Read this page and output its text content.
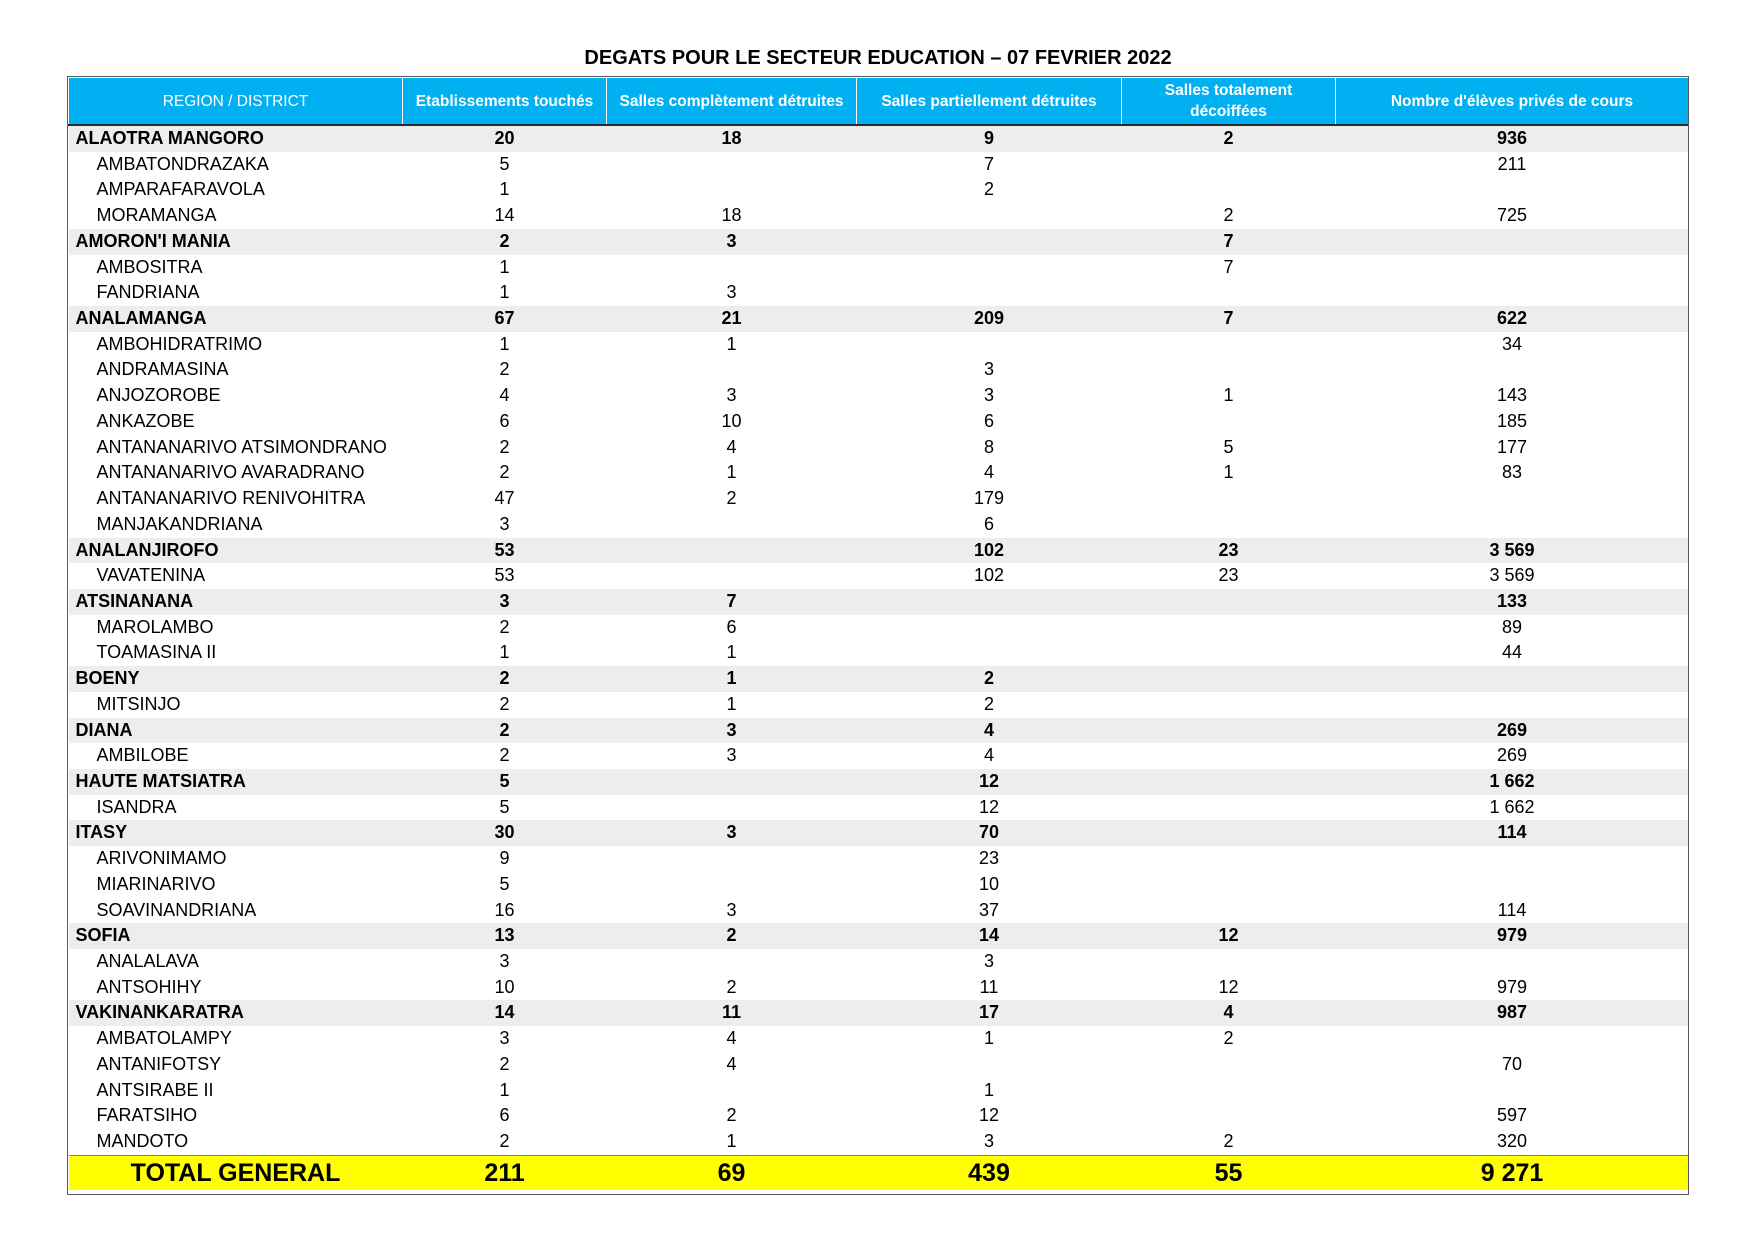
DEGATS POUR LE SECTEUR EDUCATION – 07 FEVRIER 2022
REGION / DISTRICT	Etablissements touchés	Salles complètement détruites	Salles partiellement détruites	Salles totalement décoiffées	Nombre d'élèves privés de cours
ALAOTRA MANGORO	20	18	9	2	936
AMBATONDRAZAKA	5		7		211
AMPARAFARAVOLA	1		2		
MORAMANGA	14	18		2	725
AMORON'I MANIA	2	3		7	
AMBOSITRA	1			7	
FANDRIANA	1	3			
ANALAMANGA	67	21	209	7	622
AMBOHIDRATRIMO	1	1			34
ANDRAMASINA	2		3		
ANJOZOROBE	4	3	3	1	143
ANKAZOBE	6	10	6		185
ANTANANARIVO ATSIMONDRANO	2	4	8	5	177
ANTANANARIVO AVARADRANO	2	1	4	1	83
ANTANANARIVO RENIVOHITRA	47	2	179		
MANJAKANDRIANA	3		6		
ANALANJIROFO	53		102	23	3 569
VAVATENINA	53		102	23	3 569
ATSINANANA	3	7			133
MAROLAMBO	2	6			89
TOAMASINA II	1	1			44
BOENY	2	1	2		
MITSINJO	2	1	2		
DIANA	2	3	4		269
AMBILOBE	2	3	4		269
HAUTE MATSIATRA	5		12		1 662
ISANDRA	5		12		1 662
ITASY	30	3	70		114
ARIVONIMAMO	9		23		
MIARINARIVO	5		10		
SOAVINANDRIANA	16	3	37		114
SOFIA	13	2	14	12	979
ANALALAVA	3		3		
ANTSOHIHY	10	2	11	12	979
VAKINANKARATRA	14	11	17	4	987
AMBATOLAMPY	3	4	1	2	
ANTANIFOTSY	2	4			70
ANTSIRABE II	1		1		
FARATSIHO	6	2	12		597
MANDOTO	2	1	3	2	320
TOTAL GENERAL	211	69	439	55	9 271
